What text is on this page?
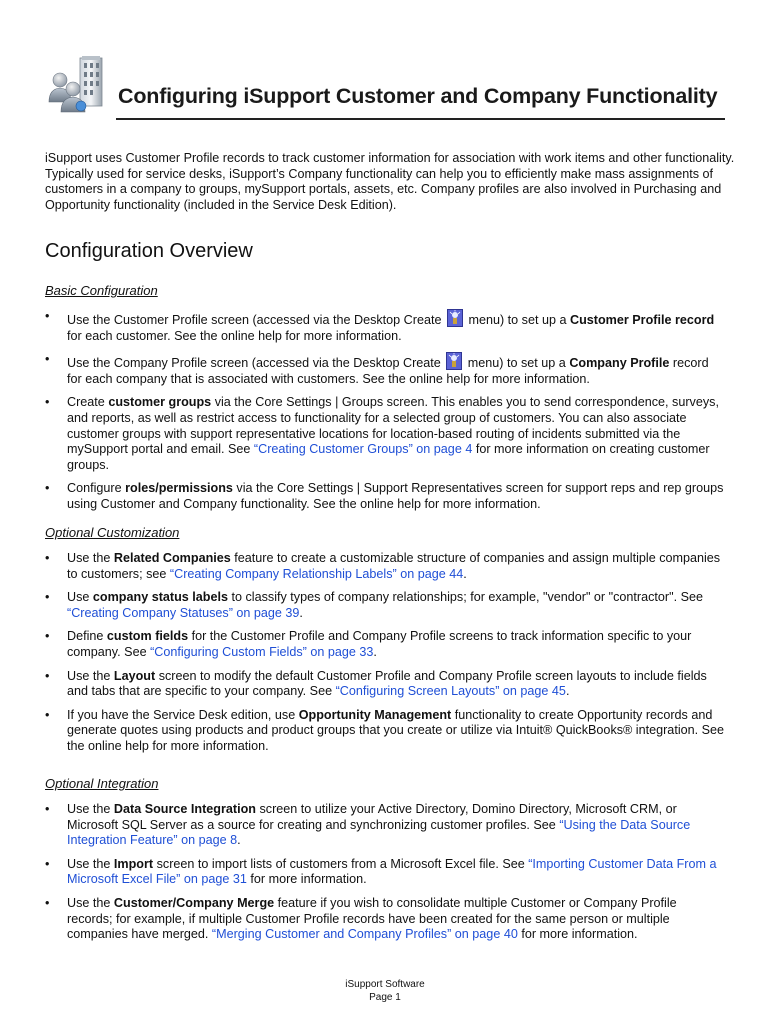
Configuring iSupport Customer and Company Functionality

iSupport uses Customer Profile records to track customer information for association with work items and other functionality. Typically used for service desks, iSupport’s Company functionality can help you to efficiently make mass assignments of customers in a company to groups, mySupport portals, assets, etc. Company profiles are also involved in Purchasing and Opportunity functionality (included in the Service Desk Edition).

Configuration Overview

Basic Configuration

• Use the Customer Profile screen (accessed via the Desktop Create menu) to set up a Customer Profile record for each customer. See the online help for more information.
• Use the Company Profile screen (accessed via the Desktop Create menu) to set up a Company Profile record for each company that is associated with customers. See the online help for more information.
• Create customer groups via the Core Settings | Groups screen. This enables you to send correspondence, surveys, and reports, as well as restrict access to functionality for a selected group of customers. You can also associate customer groups with support representative locations for location-based routing of incidents submitted via the mySupport portal and email. See “Creating Customer Groups” on page 4 for more information on creating customer groups.
• Configure roles/permissions via the Core Settings | Support Representatives screen for support reps and rep groups using Customer and Company functionality. See the online help for more information.

Optional Customization

• Use the Related Companies feature to create a customizable structure of companies and assign multiple companies to customers; see “Creating Company Relationship Labels” on page 44.
• Use company status labels to classify types of company relationships; for example, "vendor" or "contractor". See “Creating Company Statuses” on page 39.
• Define custom fields for the Customer Profile and Company Profile screens to track information specific to your company. See “Configuring Custom Fields” on page 33.
• Use the Layout screen to modify the default Customer Profile and Company Profile screen layouts to include fields and tabs that are specific to your company. See “Configuring Screen Layouts” on page 45.
• If you have the Service Desk edition, use Opportunity Management functionality to create Opportunity records and generate quotes using products and product groups that you create or utilize via Intuit® QuickBooks® integration. See the online help for more information.

Optional Integration

• Use the Data Source Integration screen to utilize your Active Directory, Domino Directory, Microsoft CRM, or Microsoft SQL Server as a source for creating and synchronizing customer profiles. See “Using the Data Source Integration Feature” on page 8.
• Use the Import screen to import lists of customers from a Microsoft Excel file. See “Importing Customer Data From a Microsoft Excel File” on page 31 for more information.
• Use the Customer/Company Merge feature if you wish to consolidate multiple Customer or Company Profile records; for example, if multiple Customer Profile records have been created for the same person or multiple companies have merged. “Merging Customer and Company Profiles” on page 40 for more information.
iSupport Software
Page 1
